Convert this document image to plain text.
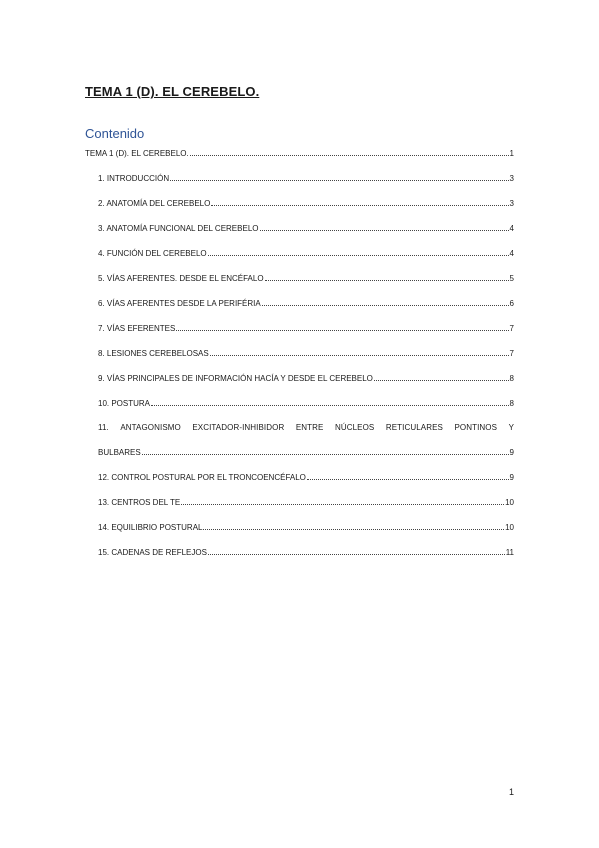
TEMA 1 (D). EL CEREBELO.
Contenido
TEMA 1 (D). EL CEREBELO.	1
1. INTRODUCCIÓN	3
2. ANATOMÍA DEL CEREBELO	3
3. ANATOMÍA FUNCIONAL DEL CEREBELO	4
4. FUNCIÓN DEL CEREBELO	4
5. VÍAS AFERENTES. DESDE EL ENCÉFALO	5
6. VÍAS AFERENTES DESDE LA PERIFÉRIA	6
7. VÍAS EFERENTES	7
8. LESIONES CEREBELOSAS	7
9. VÍAS PRINCIPALES DE INFORMACIÓN HACÍA Y DESDE EL CEREBELO	8
10. POSTURA	8
11. ANTAGONISMO EXCITADOR-INHIBIDOR ENTRE NÚCLEOS RETICULARES PONTINOS Y
BULBARES	9
12. CONTROL POSTURAL POR EL TRONCOENCÉFALO	9
13. CENTROS DEL TE	10
14. EQUILIBRIO POSTURAL	10
15. CADENAS DE REFLEJOS	11
1
